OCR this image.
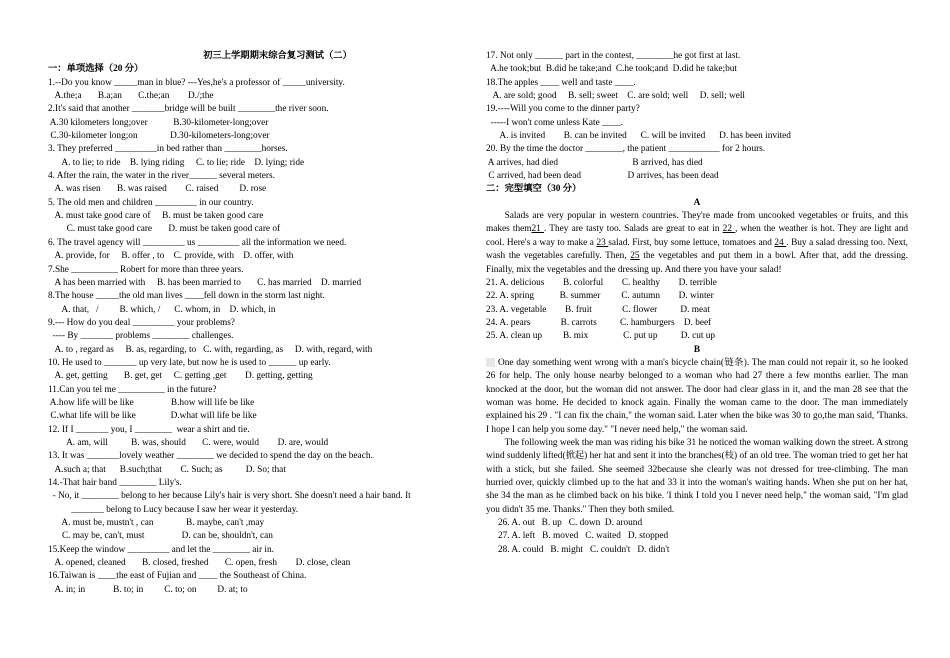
初三上学期期末综合复习测试（二）
一：单项选择（20 分）
1.--Do you know _____man in blue? ---Yes,he's a professor of _____university.
A.the;a       B.a;an       C.the;an        D./;the
2.It's said that another _______bridge will be built ________the river soon.
A.30 kilometers long;over           B.30-kilometer-long;over
C.30-kilometer long;on              D.30-kilometers-long;over
3. They preferred _________in bed rather than ________horses.
A. to lie; to ride    B. lying riding     C. to lie; ride    D. lying; ride
4. After the rain, the water in the river______ several meters.
A. was risen       B. was raised        C. raised         D. rose
5. The old men and children _________ in our country.
A. must take good care of     B. must be taken good care
C. must take good care       D. must be taken good care of
6. The travel agency will _________ us _________ all the information we need.
A. provide, for     B. offer , to    C. provide, with    D. offer, with
7.She __________ Robert for more than three years.
A has been married with     B. has been married to       C. has married    D. married
8.The house _____the old man lives ____fell down in the storm last night.
A. that,   /         B. which, /      C. whom, in    D. which, in
9.--- How do you deal _________ your problems?
---- By _______ problems ________ challenges.
A. to , regard as     B. as, regarding, to   C. with, regarding, as     D. with, regard, with
10. He used to _______ up very late, but now he is used to ______ up early.
A. get, getting       B. get, get     C. getting ,get        D. getting, getting
11.Can you tel me __________ in the future?
A.how life will be like                B.how will life be like
C.what life will be like               D.what will life be like
12. If I _______ you, I ________  wear a shirt and tie.
A. am, will          B. was, should       C. were, would        D. are, would
13. It was _______lovely weather ________ we decided to spend the day on the beach.
A.such a; that      B.such;that        C. Such; as          D. So; that
14.-That hair band ________ Lily's.
- No, it ________ belong to her because Lily's hair is very short. She doesn't need a hair band. It
_______ belong to Lucy because I saw her wear it yesterday.
A. must be, mustn't , can              B. maybe, can't ,may
C. may be, can't, must                D. can be, shouldn't, can
15.Keep the window _________ and let the ________ air in.
A. opened, cleaned       B. closed, freshed       C. open, fresh        D. close, clean
16.Taiwan is ____the east of Fujian and ____ the Southeast of China.
A. in; in            B. to; in         C. to; on         D. at; to
17. Not only ______ part in the contest, ________he got first at last.
A.he took;but  B.did he take;and  C.he took;and  D.did he take;but
18.The apples ____ well and taste ____.
A. are sold; good     B. sell; sweet    C. are sold; well     D. sell; well
19.----Will you come to the dinner party?
-----I won't come unless Kate ____.
A. is invited        B. can be invited      C. will be invited      D. has been invited
20. By the time the doctor ________, the patient ___________ for 2 hours.
A arrives, had died                                B arrived, has died
C arrived, had been dead                    D arrives, has been dead
二：完型填空（30 分）
A
Salads are very popular in western countries. They're made from uncooked vegetables or fruits, and this makes them21 . They are tasty too. Salads are great to eat in 22 , when the weather is hot. They are light and cool. Here's a way to make a 23 salad. First, buy some lettuce, tomatoes and 24 . Buy a salad dressing too. Next, wash the vegetables carefully. Then, 25 the vegetables and put them in a bowl. After that, add the dressing. Finally, mix the vegetables and the dressing up. And there you have your salad!
21. A. delicious        B. colorful        C. healthy        D. terrible
22. A. spring           B. summer         C. autumn        D. winter
23. A. vegetable        B. fruit             C. flower          D. meat
24. A. pears             B. carrots          C. hamburgers    D. beef
25. A. clean up         B. mix               C. put up          D. cut up
B
One day something went wrong with a man's bicycle chain(链条). The man could not repair it, so he looked 26 for help. The only house nearby belonged to a woman who had 27 there a few months earlier. The man knocked at the door, but the woman did not answer. The door had clear glass in it, and the man 28 see that the woman was home. He decided to knock again. Finally the woman came to the door. The man immediately explained his 29 . "I can fix the chain," the woman said. Later when the bike was 30 to go,the man said, 'Thanks. I hope I can help you some day." "I never need help," the woman said.
The following week the man was riding his bike 31 he noticed the woman walking down the street. A strong wind suddenly lifted(掀起) her hat and sent it into the branches(枝) of an old tree. The woman tried to get her hat with a stick, but she failed. She seemed 32because she clearly was not dressed for tree-climbing. The man hurried over, quickly climbed up to the hat and 33 it into the woman's waiting hands. When she put on her hat, she 34 the man as he climbed back on his bike. 'I think I told you I never need help," the woman said, "I'm glad you didn't 35 me. Thanks." Then they both smiled.
26. A. out   B. up   C. down  D. around
27. A. left   B. moved   C. waited   D. stopped
28. A. could   B. might   C. couldn't   D. didn't
